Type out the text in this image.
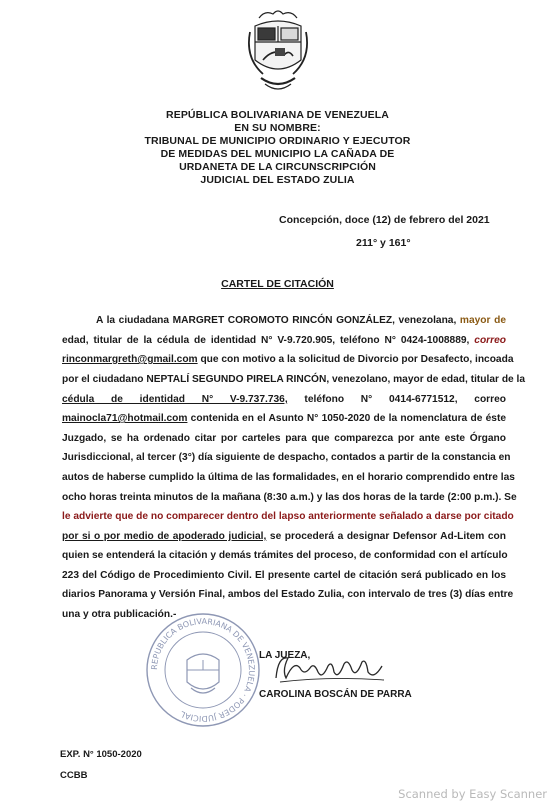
REPÚBLICA BOLIVARIANA DE VENEZUELA
EN SU NOMBRE:
TRIBUNAL DE MUNICIPIO ORDINARIO Y EJECUTOR
DE MEDIDAS DEL MUNICIPIO LA CAÑADA DE
URDANETA DE LA CIRCUNSCRIPCIÓN
JUDICIAL DEL ESTADO ZULIA
Concepción, doce (12) de febrero del 2021
211° y 161°
CARTEL DE CITACIÓN
A la ciudadana MARGRET COROMOTO RINCÓN GONZÁLEZ, venezolana, mayor de
edad, titular de la cédula de identidad N° V-9.720.905, teléfono N° 0424-1008889, correo
rinconmargreth@gmail.com que con motivo a la solicitud de Divorcio por Desafecto, incoada
por el ciudadano NEPTALÍ SEGUNDO PIRELA RINCÓN, venezolano, mayor de edad, titular de la
cédula de identidad N° V-9.737.736, teléfono N° 0414-6771512, correo
mainocla71@hotmail.com contenida en el Asunto N° 1050-2020 de la nomenclatura de éste
Juzgado, se ha ordenado citar por carteles para que comparezca por ante este Órgano
Jurisdiccional, al tercer (3°) día siguiente de despacho, contados a partir de la constancia en
autos de haberse cumplido la última de las formalidades, en el horario comprendido entre las
ocho horas treinta minutos de la mañana (8:30 a.m.) y las dos horas de la tarde (2:00 p.m.). Se
le advierte que de no comparecer dentro del lapso anteriormente señalado a darse por citado
por si o por medio de apoderado judicial, se procederá a designar Defensor Ad-Litem con
quien se entenderá la citación y demás trámites del proceso, de conformidad con el artículo
223 del Código de Procedimiento Civil. El presente cartel de citación será publicado en los
diarios Panorama y Versión Final, ambos del Estado Zulia, con intervalo de tres (3) días entre
una y otra publicación.-
REPUBLICA BOLIVARIANA DE VENEZUELA · PODER JUDICIAL
LA JUEZA,
CAROLINA BOSCÁN DE PARRA
EXP. N° 1050-2020
CCBB
Scanned by Easy Scanner
